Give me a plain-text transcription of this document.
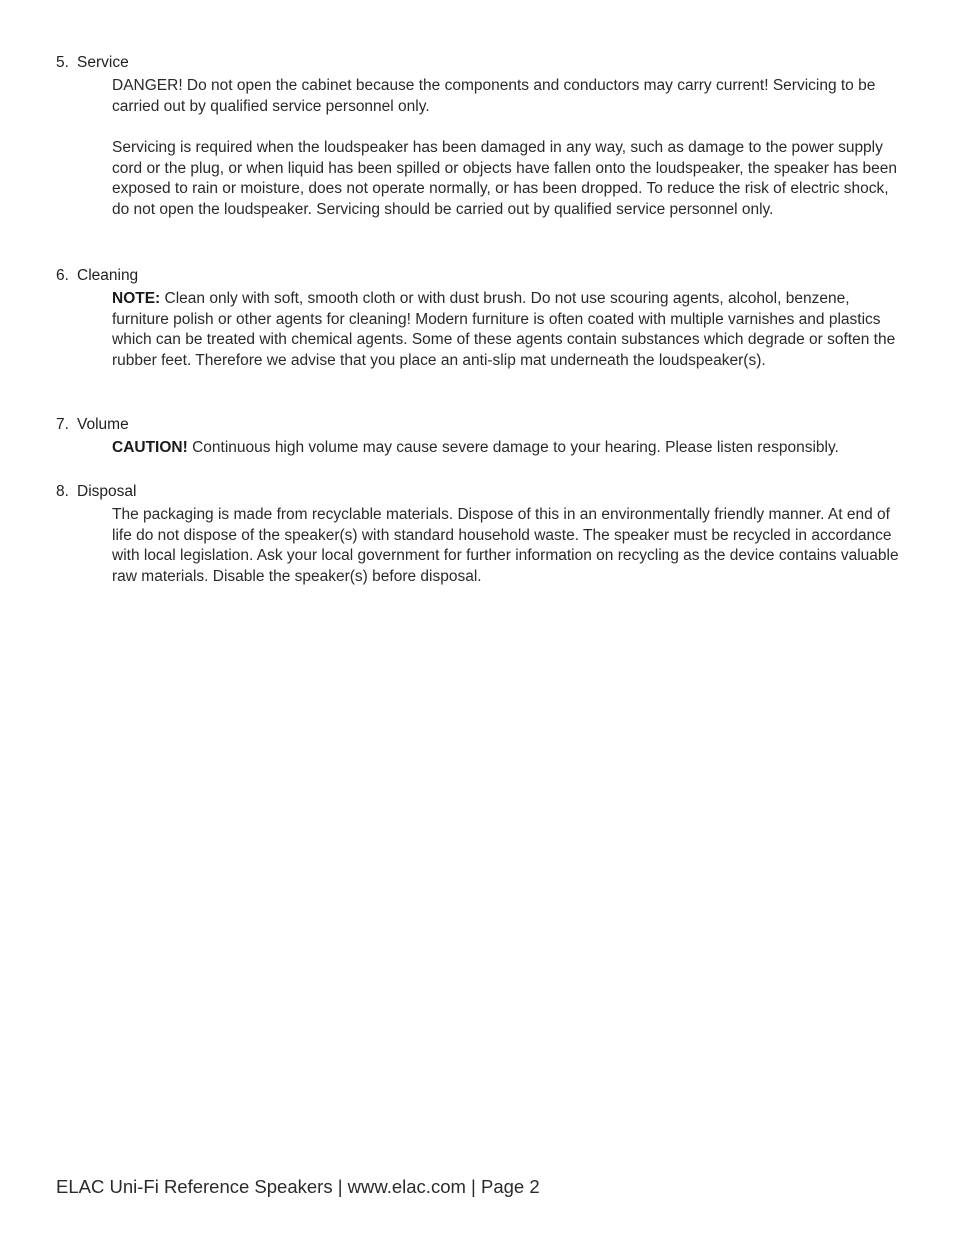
5. Service

DANGER! Do not open the cabinet because the components and conductors may carry current! Servicing to be carried out by qualified service personnel only.

Servicing is required when the loudspeaker has been damaged in any way, such as damage to the power supply cord or the plug, or when liquid has been spilled or objects have fallen onto the loudspeaker, the speaker has been exposed to rain or moisture, does not operate normally, or has been dropped. To reduce the risk of electric shock, do not open the loudspeaker. Servicing should be carried out by qualified service personnel only.

6. Cleaning

NOTE: Clean only with soft, smooth cloth or with dust brush. Do not use scouring agents, alcohol, benzene, furniture polish or other agents for cleaning! Modern furniture is often coated with multiple varnishes and plastics which can be treated with chemical agents. Some of these agents contain substances which degrade or soften the rubber feet. Therefore we advise that you place an anti-slip mat underneath the loudspeaker(s).

7. Volume

CAUTION! Continuous high volume may cause severe damage to your hearing. Please listen responsibly.

8. Disposal

The packaging is made from recyclable materials. Dispose of this in an environmentally friendly manner. At end of life do not dispose of the speaker(s) with standard household waste. The speaker must be recycled in accordance with local legislation. Ask your local government for further information on recycling as the device contains valuable raw materials. Disable the speaker(s) before disposal.

ELAC Uni-Fi Reference Speakers | www.elac.com | Page 2
